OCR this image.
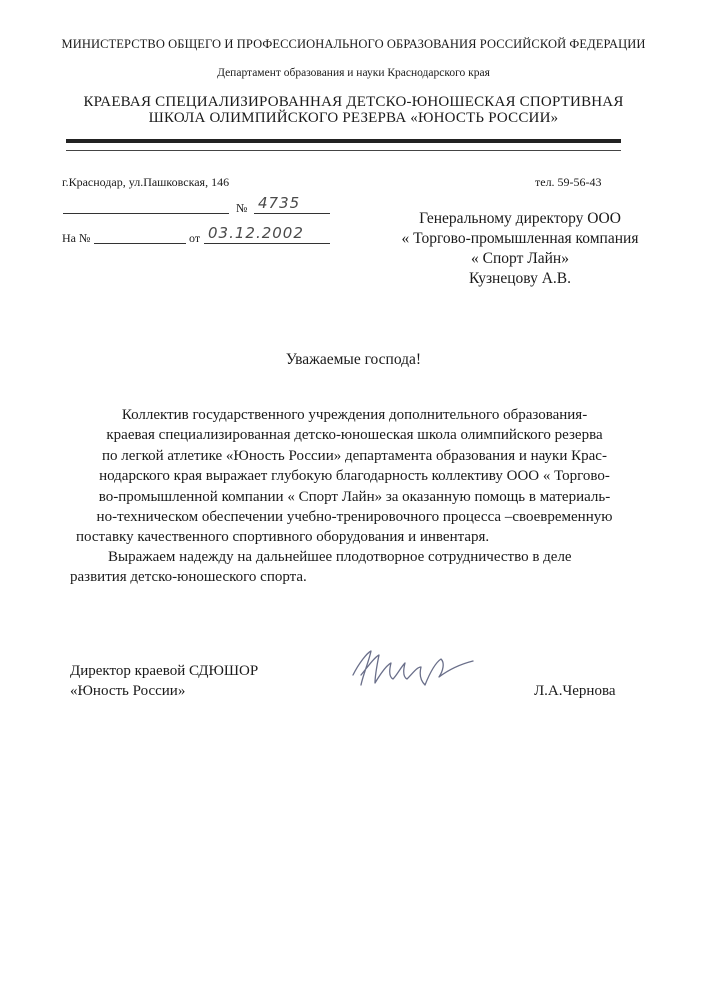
МИНИСТЕРСТВО ОБЩЕГО И ПРОФЕССИОНАЛЬНОГО ОБРАЗОВАНИЯ РОССИЙСКОЙ ФЕДЕРАЦИИ
Департамент образования и науки Краснодарского края
КРАЕВАЯ СПЕЦИАЛИЗИРОВАННАЯ ДЕТСКО-ЮНОШЕСКАЯ СПОРТИВНАЯ
ШКОЛА ОЛИМПИЙСКОГО РЕЗЕРВА «ЮНОСТЬ РОССИИ»
г.Краснодар, ул.Пашковская, 146	тел. 59-56-43
№ 4735
На №	от 03.12.2002
Генеральному директору ООО
« Торгово-промышленная компания
« Спорт Лайн»
Кузнецову А.В.
Уважаемые господа!
Коллектив государственного учреждения дополнительного образования-
краевая специализированная детско-юношеская школа олимпийского резерва
по легкой атлетике «Юность России» департамента образования и науки Крас-
нодарского края выражает глубокую благодарность коллективу ООО « Торгово-
во-промышленной компании « Спорт Лайн» за оказанную помощь в материаль-
но-техническом обеспечении учебно-тренировочного процесса –своевременную
поставку качественного спортивного оборудования и инвентаря.
Выражаем надежду на дальнейшее плодотворное сотрудничество в деле
развития детско-юношеского спорта.
Директор краевой СДЮШОР
«Юность России»	Л.А.Чернова
